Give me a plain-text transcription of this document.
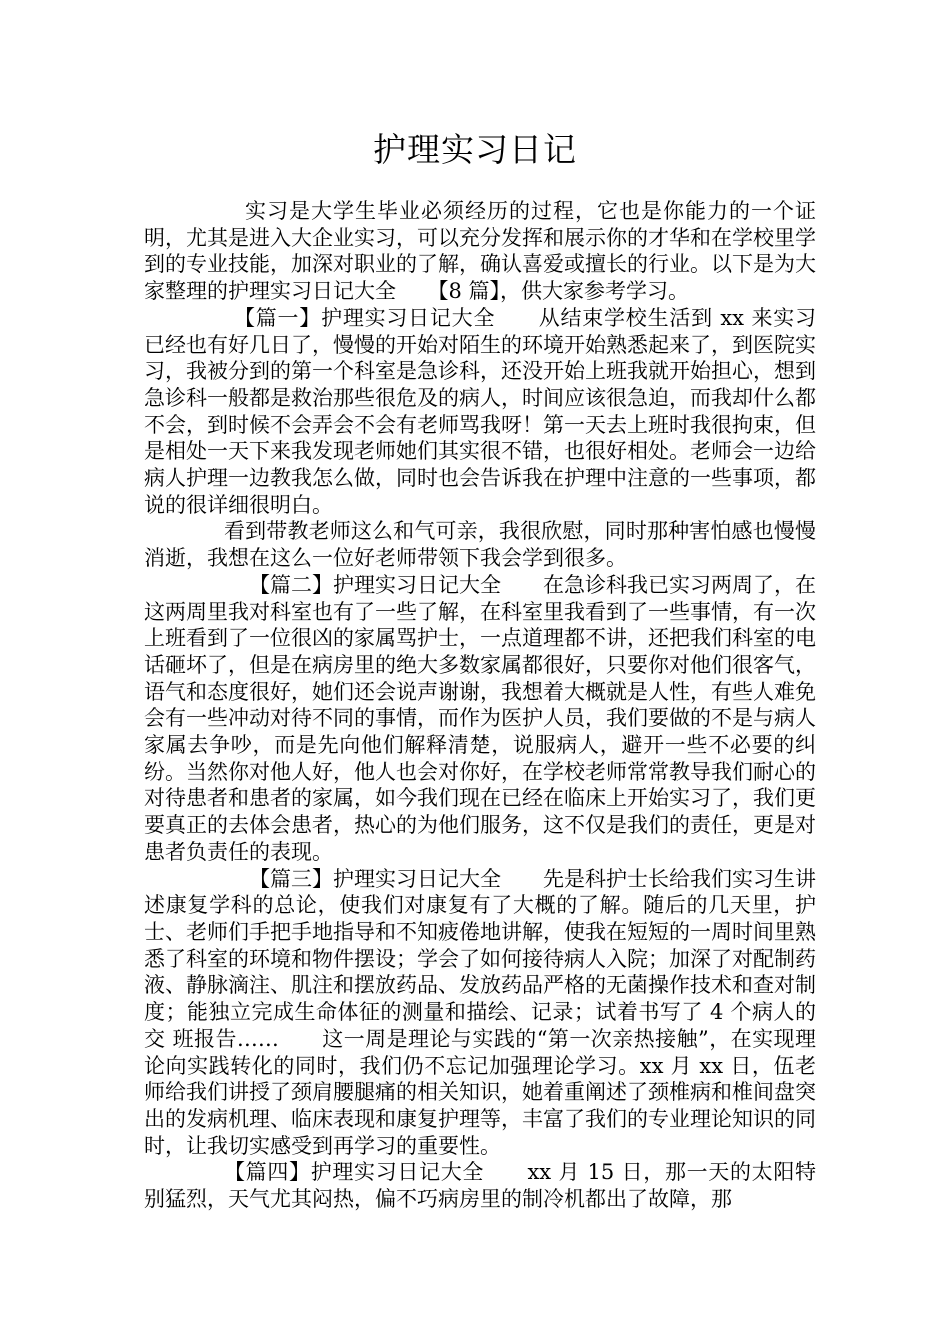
护理实习日记

实习是大学生毕业必须经历的过程，它也是你能力的一个证明，尤其是进入大企业实习，可以充分发挥和展示你的才华和在学校里学到的专业技能，加深对职业的了解，确认喜爱或擅长的行业。以下是为大家整理的护理实习日记大全　　【8 篇】，供大家参考学习。

【篇一】护理实习日记大全　　从结束学校生活到 xx 来实习已经也有好几日了，慢慢的开始对陌生的环境开始熟悉起来了，到医院实习，我被分到的第一个科室是急诊科，还没开始上班我就开始担心，想到急诊科一般都是救治那些很危及的病人，时间应该很急迫，而我却什么都不会，到时候不会弄会不会有老师骂我呀！第一天去上班时我很拘束，但是相处一天下来我发现老师她们其实很不错，也很好相处。老师会一边给病人护理一边教我怎么做，同时也会告诉我在护理中注意的一些事项，都说的很详细很明白。

看到带教老师这么和气可亲，我很欣慰，同时那种害怕感也慢慢消逝，我想在这么一位好老师带领下我会学到很多。

【篇二】护理实习日记大全　　在急诊科我已实习两周了，在这两周里我对科室也有了一些了解，在科室里我看到了一些事情，有一次上班看到了一位很凶的家属骂护士，一点道理都不讲，还把我们科室的电话砸坏了，但是在病房里的绝大多数家属都很好，只要你对他们很客气，语气和态度很好，她们还会说声谢谢，我想着大概就是人性，有些人难免会有一些冲动对待不同的事情，而作为医护人员，我们要做的不是与病人家属去争吵，而是先向他们解释清楚，说服病人，避开一些不必要的纠纷。当然你对他人好，他人也会对你好，在学校老师常常教导我们耐心的对待患者和患者的家属，如今我们现在已经在临床上开始实习了，我们更要真正的去体会患者，热心的为他们服务，这不仅是我们的责任，更是对患者负责任的表现。

【篇三】护理实习日记大全　　先是科护士长给我们实习生讲述康复学科的总论，使我们对康复有了大概的了解。随后的几天里，护士、老师们手把手地指导和不知疲倦地讲解，使我在短短的一周时间里熟悉了科室的环境和物件摆设；学会了如何接待病人入院；加深了对配制药液、静脉滴注、肌注和摆放药品、发放药品严格的无菌操作技术和查对制度；能独立完成生命体征的测量和描绘、记录；试着书写了 4 个病人的交 班报告……　　这一周是理论与实践的“第一次亲热接触”，在实现理论向实践转化的同时，我们仍不忘记加强理论学习。xx 月 xx 日，伍老师给我们讲授了颈肩腰腿痛的相关知识，她着重阐述了颈椎病和椎间盘突出的发病机理、临床表现和康复护理等，丰富了我们的专业理论知识的同时，让我切实感受到再学习的重要性。

【篇四】护理实习日记大全　　xx 月 15 日，那一天的太阳特别猛烈，天气尤其闷热，偏不巧病房里的制冷机都出了故障，那
